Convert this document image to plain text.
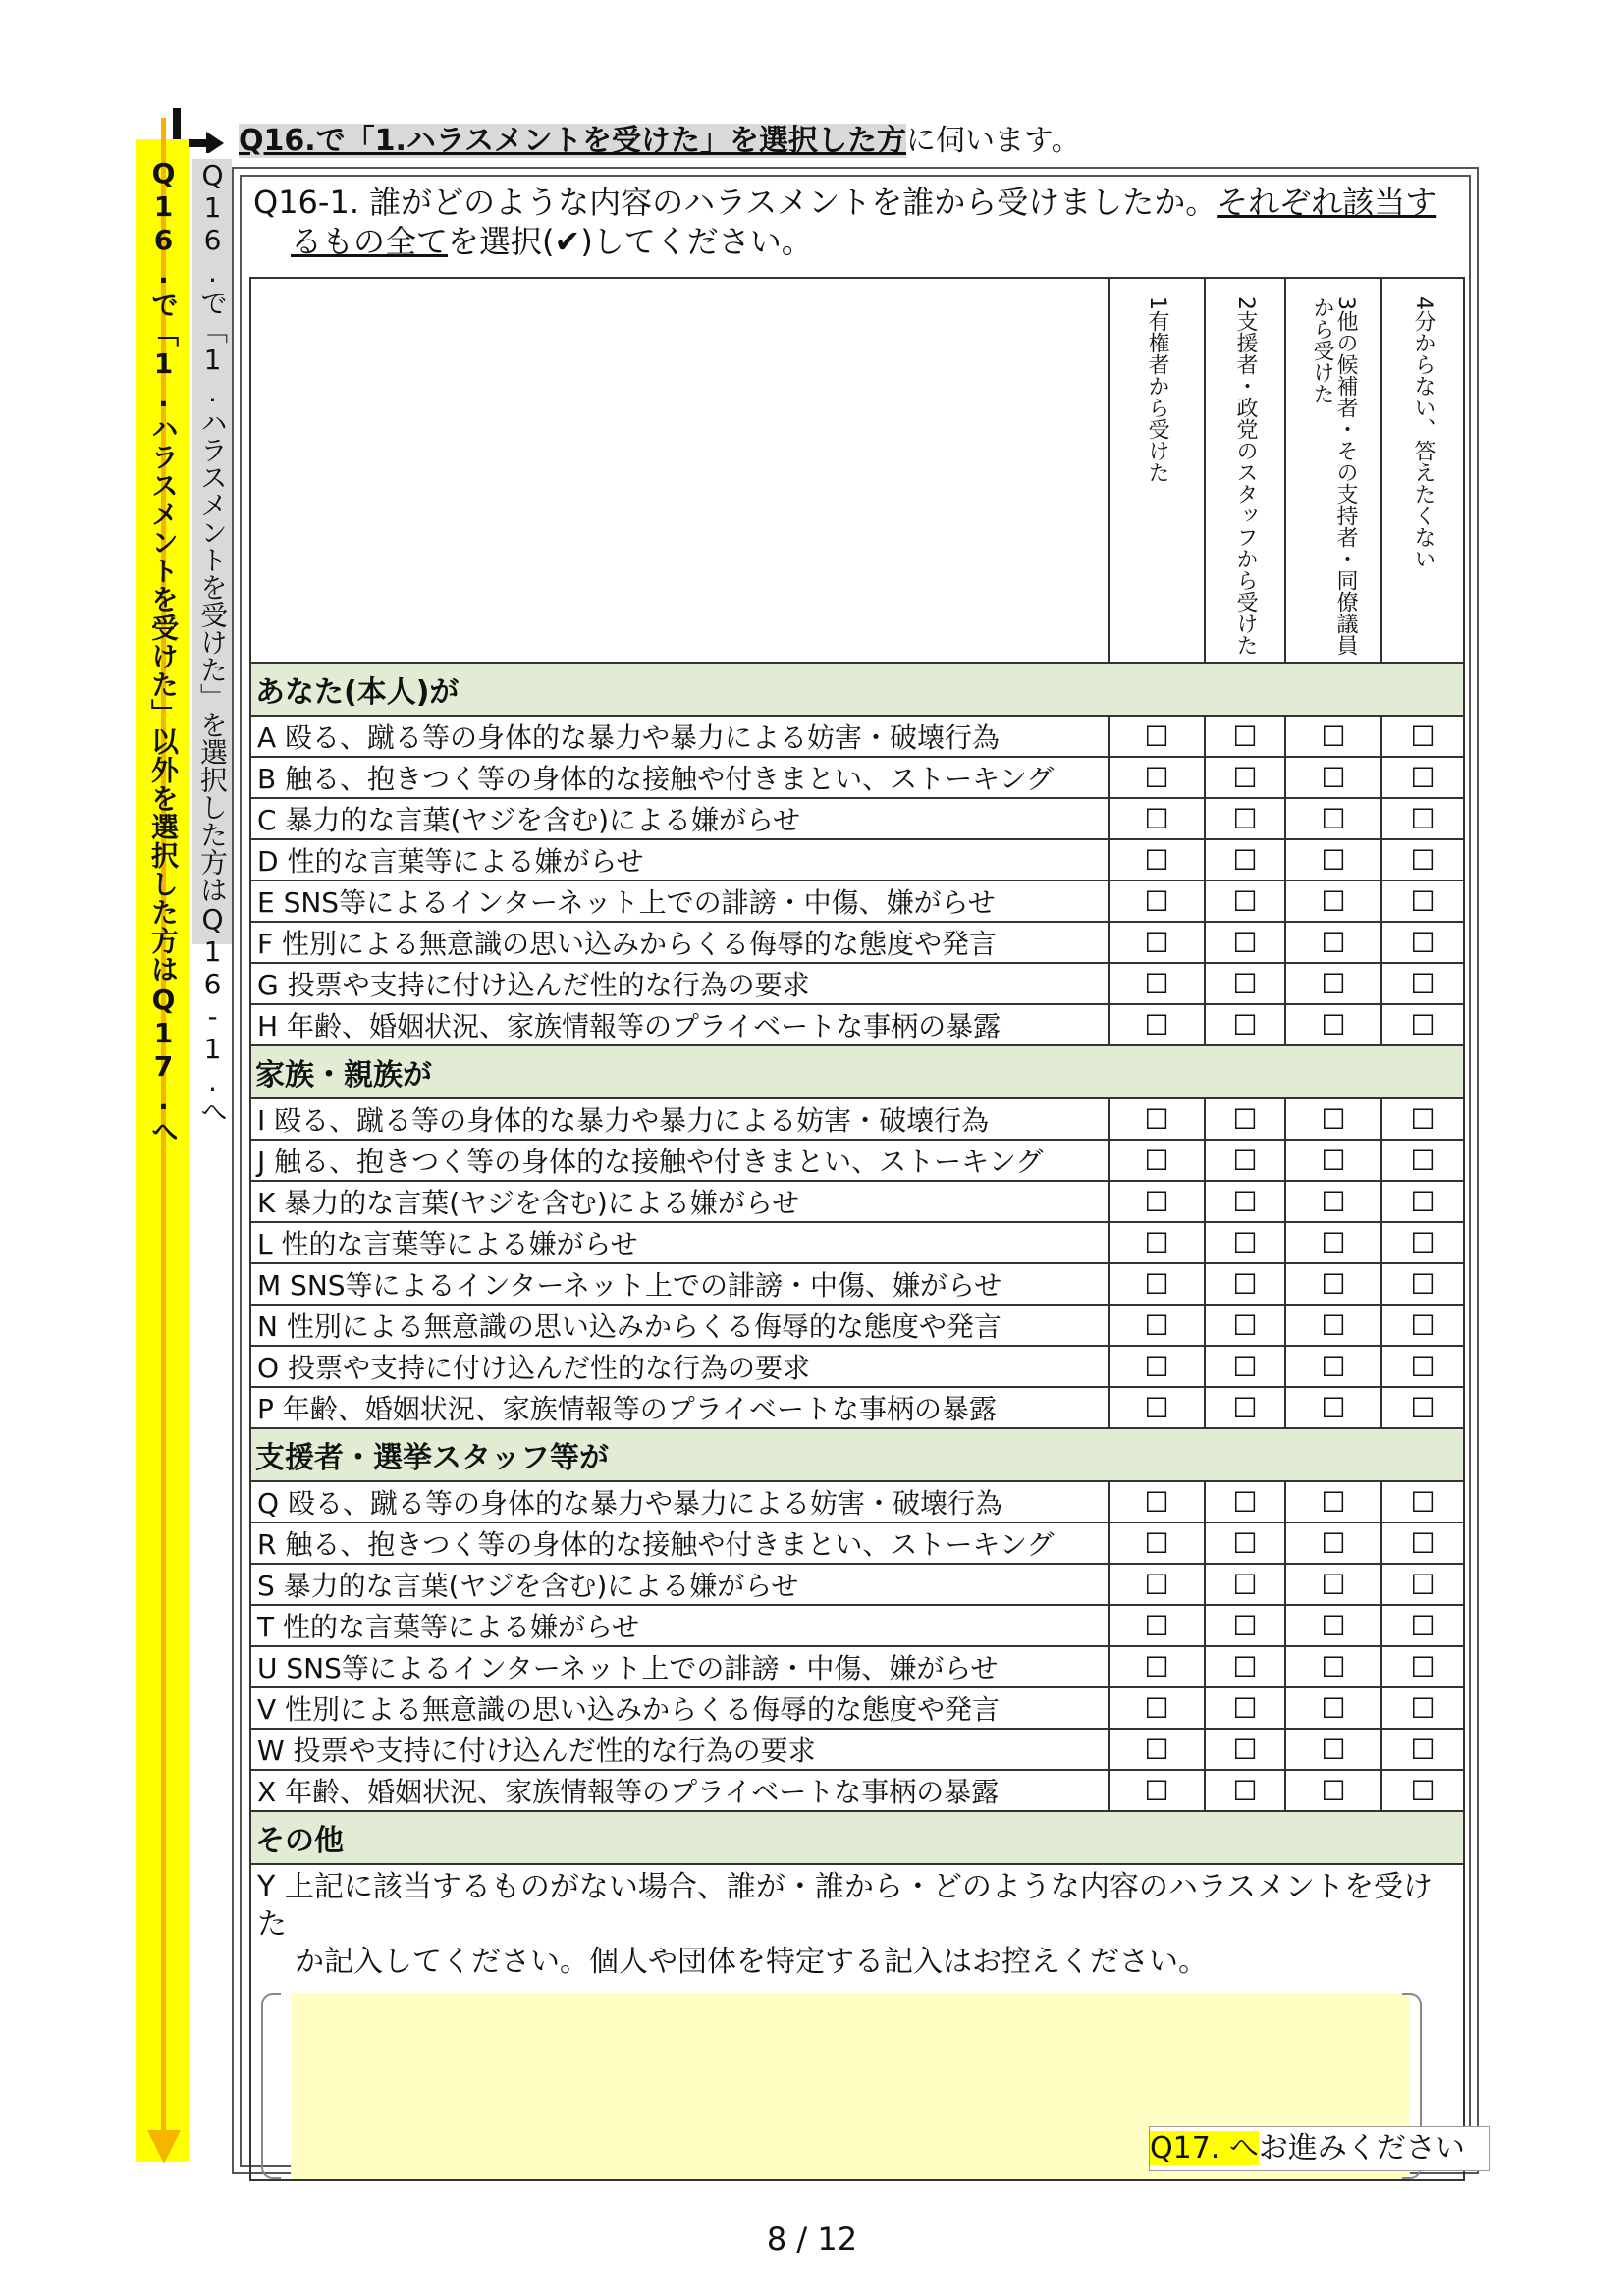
Q16.で「1.ハラスメントを受けた」を選択した方に伺います。
Q16.で「1.ハラスメントを受けた」以外を選択した方はQ17.へ Q16.で「1.ハラスメントを受けた」を選択した方はQ16-1.へ Q16-1. 誰がどのような内容のハラスメントを誰から受けましたか。それぞれ該当す
るもの全てを選択(✔)してください。

	1有権者から受けた	2支援者・政党のスタッフから受けた	3他の候補者・その支持者・同僚議員から受けた	4分からない、答えたくない

あなた(本人)が				
A 殴る、蹴る等の身体的な暴力や暴力による妨害・破壊行為	☐	☐	☐	☐
B 触る、抱きつく等の身体的な接触や付きまとい、ストーキング	☐	☐	☐	☐
C 暴力的な言葉(ヤジを含む)による嫌がらせ	☐	☐	☐	☐
D 性的な言葉等による嫌がらせ	☐	☐	☐	☐
E SNS等によるインターネット上での誹謗・中傷、嫌がらせ	☐	☐	☐	☐
F 性別による無意識の思い込みからくる侮辱的な態度や発言	☐	☐	☐	☐
G 投票や支持に付け込んだ性的な行為の要求	☐	☐	☐	☐
H 年齢、婚姻状況、家族情報等のプライベートな事柄の暴露	☐	☐	☐	☐
家族・親族が				
I 殴る、蹴る等の身体的な暴力や暴力による妨害・破壊行為	☐	☐	☐	☐
J 触る、抱きつく等の身体的な接触や付きまとい、ストーキング	☐	☐	☐	☐
K 暴力的な言葉(ヤジを含む)による嫌がらせ	☐	☐	☐	☐
L 性的な言葉等による嫌がらせ	☐	☐	☐	☐
M SNS等によるインターネット上での誹謗・中傷、嫌がらせ	☐	☐	☐	☐
N 性別による無意識の思い込みからくる侮辱的な態度や発言	☐	☐	☐	☐
O 投票や支持に付け込んだ性的な行為の要求	☐	☐	☐	☐
P 年齢、婚姻状況、家族情報等のプライベートな事柄の暴露	☐	☐	☐	☐
支援者・選挙スタッフ等が				
Q 殴る、蹴る等の身体的な暴力や暴力による妨害・破壊行為	☐	☐	☐	☐
R 触る、抱きつく等の身体的な接触や付きまとい、ストーキング	☐	☐	☐	☐
S 暴力的な言葉(ヤジを含む)による嫌がらせ	☐	☐	☐	☐
T 性的な言葉等による嫌がらせ	☐	☐	☐	☐
U SNS等によるインターネット上での誹謗・中傷、嫌がらせ	☐	☐	☐	☐
V 性別による無意識の思い込みからくる侮辱的な態度や発言	☐	☐	☐	☐
W 投票や支持に付け込んだ性的な行為の要求	☐	☐	☐	☐
X 年齢、婚姻状況、家族情報等のプライベートな事柄の暴露	☐	☐	☐	☐
その他				

Y 上記に該当するものがない場合、誰が・誰から・どのような内容のハラスメントを受けた
か記入してください。個人や団体を特定する記入はお控えください。				
Q17. へお進みください
8 / 12
